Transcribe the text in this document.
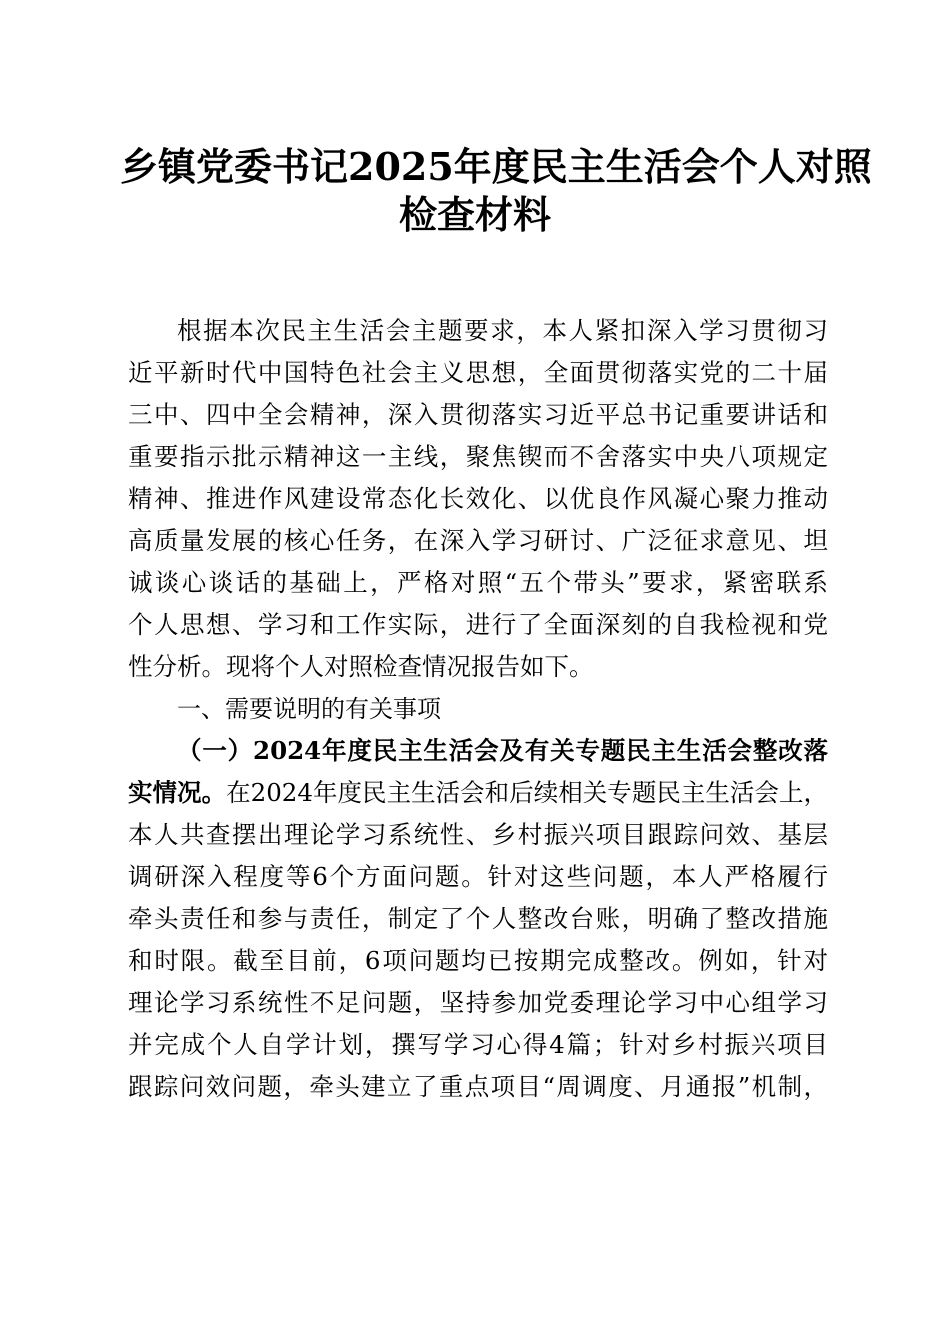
乡镇党委书记2025年度民主生活会个人对照
检查材料
根据本次民主生活会主题要求，本人紧扣深入学习贯彻习
近平新时代中国特色社会主义思想，全面贯彻落实党的二十届
三中、四中全会精神，深入贯彻落实习近平总书记重要讲话和
重要指示批示精神这一主线，聚焦锲而不舍落实中央八项规定
精神、推进作风建设常态化长效化、以优良作风凝心聚力推动
高质量发展的核心任务，在深入学习研讨、广泛征求意见、坦
诚谈心谈话的基础上，严格对照“五个带头”要求，紧密联系
个人思想、学习和工作实际，进行了全面深刻的自我检视和党
性分析。现将个人对照检查情况报告如下。
一、需要说明的有关事项
（一）2024年度民主生活会及有关专题民主生活会整改落
实情况。在2024年度民主生活会和后续相关专题民主生活会上，
本人共查摆出理论学习系统性、乡村振兴项目跟踪问效、基层
调研深入程度等6个方面问题。针对这些问题，本人严格履行
牵头责任和参与责任，制定了个人整改台账，明确了整改措施
和时限。截至目前，6项问题均已按期完成整改。例如，针对
理论学习系统性不足问题，坚持参加党委理论学习中心组学习
并完成个人自学计划，撰写学习心得4篇；针对乡村振兴项目
跟踪问效问题，牵头建立了重点项目“周调度、月通报”机制，
